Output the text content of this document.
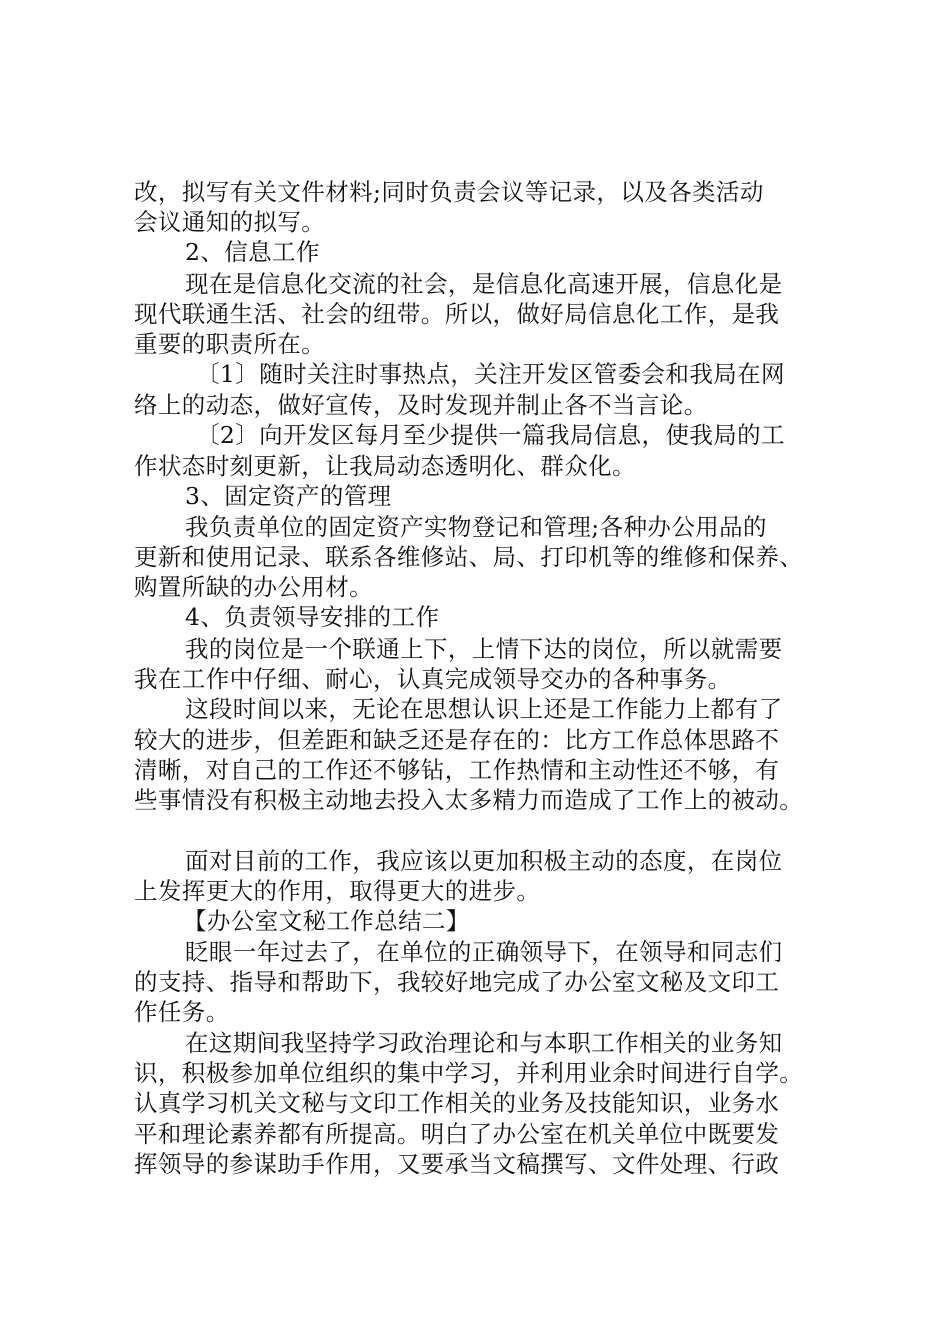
改，拟写有关文件材料;同时负责会议等记录，以及各类活动
会议通知的拟写。
2、信息工作
现在是信息化交流的社会，是信息化高速开展，信息化是
现代联通生活、社会的纽带。所以，做好局信息化工作，是我
重要的职责所在。
〔1〕随时关注时事热点，关注开发区管委会和我局在网
络上的动态，做好宣传，及时发现并制止各不当言论。
〔2〕向开发区每月至少提供一篇我局信息，使我局的工
作状态时刻更新，让我局动态透明化、群众化。
3、固定资产的管理
我负责单位的固定资产实物登记和管理;各种办公用品的
更新和使用记录、联系各维修站、局、打印机等的维修和保养、
购置所缺的办公用材。
4、负责领导安排的工作
我的岗位是一个联通上下，上情下达的岗位，所以就需要
我在工作中仔细、耐心，认真完成领导交办的各种事务。
这段时间以来，无论在思想认识上还是工作能力上都有了
较大的进步，但差距和缺乏还是存在的：比方工作总体思路不
清晰，对自己的工作还不够钻，工作热情和主动性还不够，有
些事情没有积极主动地去投入太多精力而造成了工作上的被动。
面对目前的工作，我应该以更加积极主动的态度，在岗位
上发挥更大的作用，取得更大的进步。
【办公室文秘工作总结二】
眨眼一年过去了，在单位的正确领导下，在领导和同志们
的支持、指导和帮助下，我较好地完成了办公室文秘及文印工
作任务。
在这期间我坚持学习政治理论和与本职工作相关的业务知
识，积极参加单位组织的集中学习，并利用业余时间进行自学。
认真学习机关文秘与文印工作相关的业务及技能知识，业务水
平和理论素养都有所提高。明白了办公室在机关单位中既要发
挥领导的参谋助手作用，又要承当文稿撰写、文件处理、行政
